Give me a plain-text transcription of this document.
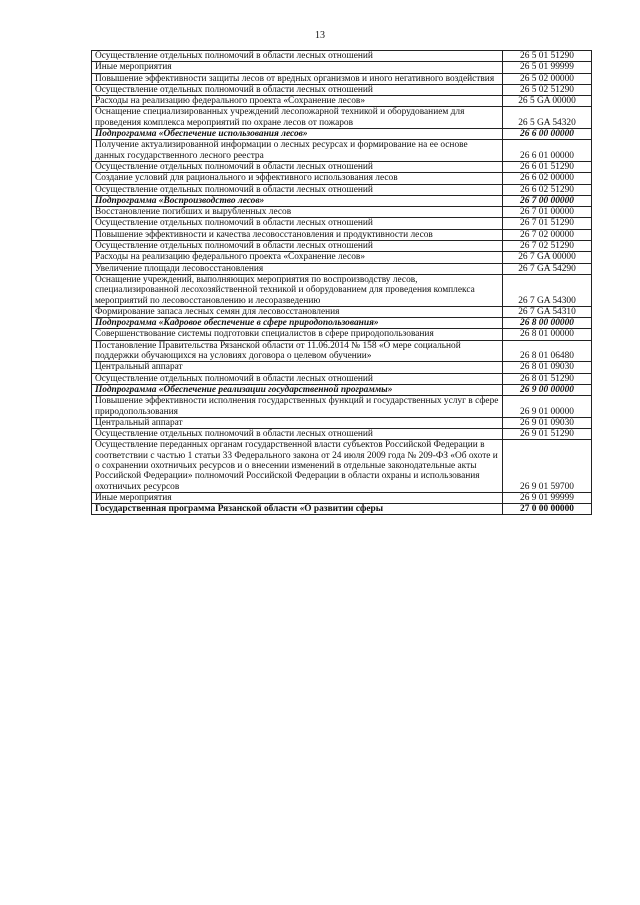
13
Осуществление отдельных полномочий в области лесных отношений	26 5 01 51290
Иные мероприятия	26 5 01 99999
Повышение эффективности защиты лесов от вредных организмов и иного негативного воздействия	26 5 02 00000
Осуществление отдельных полномочий в области лесных отношений	26 5 02 51290
Расходы на реализацию федерального проекта «Сохранение лесов»	26 5 GA 00000
Оснащение специализированных учреждений лесопожарной техникой и оборудованием для проведения комплекса мероприятий по охране лесов от пожаров	26 5 GA 54320
Подпрограмма «Обеспечение использования лесов»	26 6 00 00000
Получение актуализированной информации о лесных ресурсах и формирование на ее основе данных государственного лесного реестра	26 6 01 00000
Осуществление отдельных полномочий в области лесных отношений	26 6 01 51290
Создание условий для рационального и эффективного использования лесов	26 6 02 00000
Осуществление отдельных полномочий в области лесных отношений	26 6 02 51290
Подпрограмма «Воспроизводство лесов»	26 7 00 00000
Восстановление погибших и вырубленных лесов	26 7 01 00000
Осуществление отдельных полномочий в области лесных отношений	26 7 01 51290
Повышение эффективности и качества лесовосстановления и продуктивности лесов	26 7 02 00000
Осуществление отдельных полномочий в области лесных отношений	26 7 02 51290
Расходы на реализацию федерального проекта «Сохранение лесов»	26 7 GA 00000
Увеличение площади лесовосстановления	26 7 GA 54290
Оснащение учреждений, выполняющих мероприятия по воспроизводству лесов, специализированной лесохозяйственной техникой и оборудованием для проведения комплекса мероприятий по лесовосстановлению и лесоразведению	26 7 GA 54300
Формирование запаса лесных семян для лесовосстановления	26 7 GA 54310
Подпрограмма «Кадровое обеспечение в сфере природопользования»	26 8 00 00000
Совершенствование системы подготовки специалистов в сфере природопользования	26 8 01 00000
Постановление Правительства Рязанской области от 11.06.2014 № 158 «О мере социальной поддержки обучающихся на условиях договора о целевом обучении»	26 8 01 06480
Центральный аппарат	26 8 01 09030
Осуществление отдельных полномочий в области лесных отношений	26 8 01 51290
Подпрограмма «Обеспечение реализации государственной программы»	26 9 00 00000
Повышение эффективности исполнения государственных функций и государственных услуг в сфере природопользования	26 9 01 00000
Центральный аппарат	26 9 01 09030
Осуществление отдельных полномочий в области лесных отношений	26 9 01 51290
Осуществление переданных органам государственной власти субъектов Российской Федерации в соответствии с частью 1 статьи 33 Федерального закона от 24 июля 2009 года № 209-ФЗ «Об охоте и о сохранении охотничьих ресурсов и о внесении изменений в отдельные законодательные акты Российской Федерации» полномочий Российской Федерации в области охраны и использования охотничьих ресурсов	26 9 01 59700
Иные мероприятия	26 9 01 99999
Государственная программа Рязанской области «О развитии сферы	27 0 00 00000
